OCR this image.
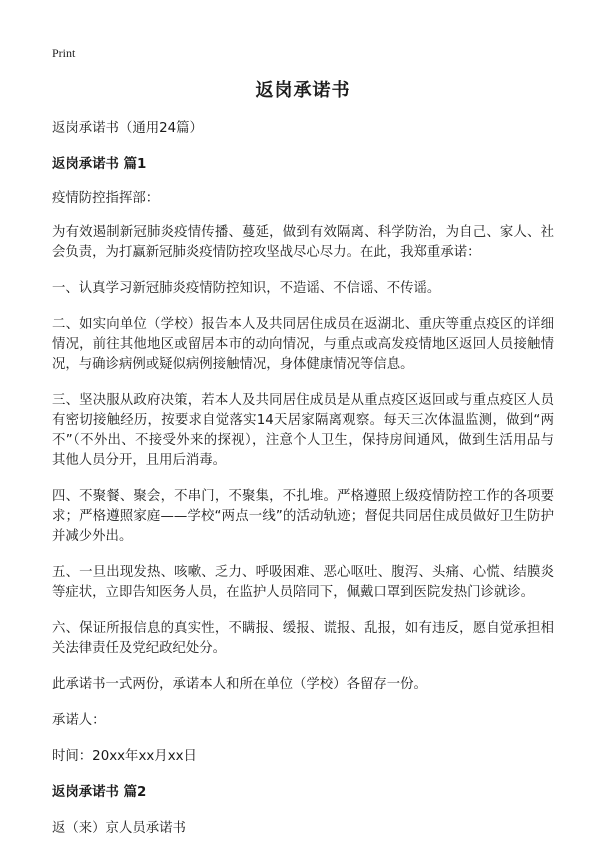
Print
返岗承诺书
返岗承诺书（通用24篇）
返岗承诺书 篇1
疫情防控指挥部：
为有效遏制新冠肺炎疫情传播、蔓延，做到有效隔离、科学防治，为自己、家人、社会负责，为打赢新冠肺炎疫情防控攻坚战尽心尽力。在此，我郑重承诺：
一、认真学习新冠肺炎疫情防控知识，不造谣、不信谣、不传谣。
二、如实向单位（学校）报告本人及共同居住成员在返湖北、重庆等重点疫区的详细情况，前往其他地区或留居本市的动向情况，与重点或高发疫情地区返回人员接触情况，与确诊病例或疑似病例接触情况，身体健康情况等信息。
三、坚决服从政府决策，若本人及共同居住成员是从重点疫区返回或与重点疫区人员有密切接触经历，按要求自觉落实14天居家隔离观察。每天三次体温监测，做到“两不”（不外出、不接受外来的探视），注意个人卫生，保持房间通风，做到生活用品与其他人员分开，且用后消毒。
四、不聚餐、聚会，不串门，不聚集，不扎堆。严格遵照上级疫情防控工作的各项要求；严格遵照家庭——学校“两点一线”的活动轨迹；督促共同居住成员做好卫生防护并减少外出。
五、一旦出现发热、咳嗽、乏力、呼吸困难、恶心呕吐、腹泻、头痛、心慌、结膜炎等症状，立即告知医务人员，在监护人员陪同下，佩戴口罩到医院发热门诊就诊。
六、保证所报信息的真实性，不瞒报、缓报、谎报、乱报，如有违反，愿自觉承担相关法律责任及党纪政纪处分。
此承诺书一式两份，承诺本人和所在单位（学校）各留存一份。
承诺人：
时间：20xx年xx月xx日
返岗承诺书 篇2
返（来）京人员承诺书
